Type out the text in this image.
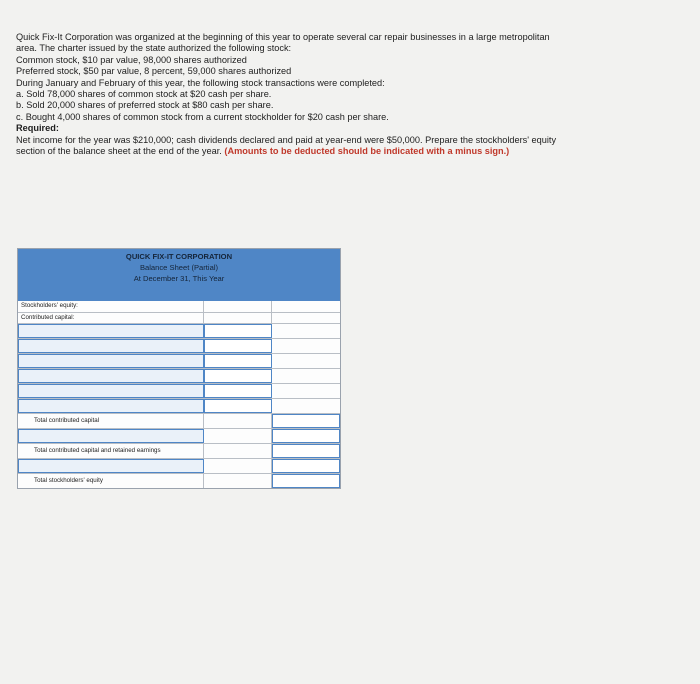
Quick Fix-It Corporation was organized at the beginning of this year to operate several car repair businesses in a large metropolitan
area. The charter issued by the state authorized the following stock:

Common stock, $10 par value, 98,000 shares authorized
Preferred stock, $50 par value, 8 percent, 59,000 shares authorized

During January and February of this year, the following stock transactions were completed:

a. Sold 78,000 shares of common stock at $20 cash per share.
b. Sold 20,000 shares of preferred stock at $80 cash per share.
c. Bought 4,000 shares of common stock from a current stockholder for $20 cash per share.

Required:
Net income for the year was $210,000; cash dividends declared and paid at year-end were $50,000. Prepare the stockholders' equity
section of the balance sheet at the end of the year. (Amounts to be deducted should be indicated with a minus sign.)

QUICK FIX-IT CORPORATION
Balance Sheet (Partial)
At December 31, This Year
Stockholders' equity:
Contributed capital:
Total contributed capital
Total contributed capital and retained earnings
Total stockholders' equity
